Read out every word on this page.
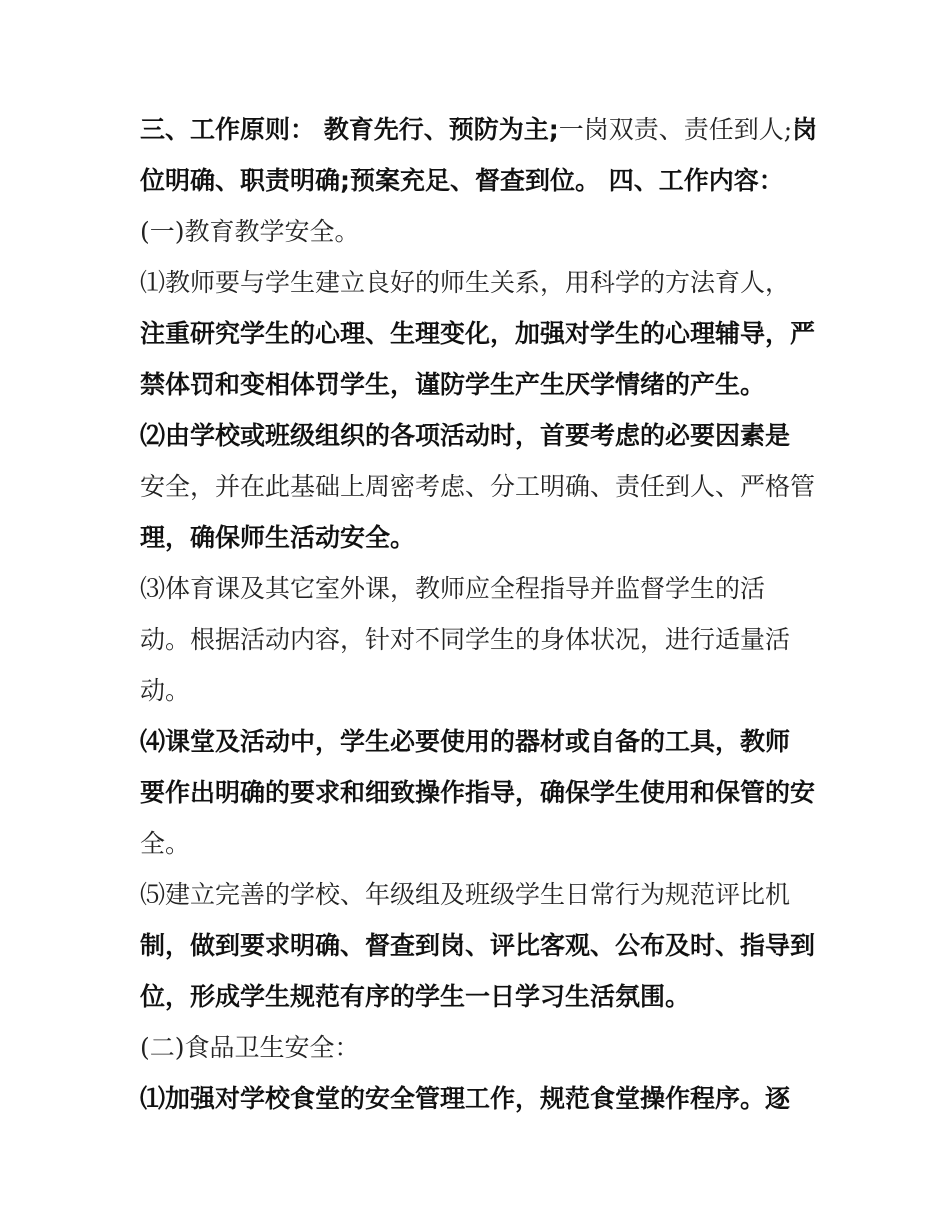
三、工作原则： 教育先行、预防为主;一岗双责、责任到人;岗
位明确、职责明确;预案充足、督查到位。 四、工作内容：
(一)教育教学安全。
⑴教师要与学生建立良好的师生关系，用科学的方法育人，
注重研究学生的心理、生理变化，加强对学生的心理辅导，严
禁体罚和变相体罚学生，谨防学生产生厌学情绪的产生。
⑵由学校或班级组织的各项活动时，首要考虑的必要因素是
安全，并在此基础上周密考虑、分工明确、责任到人、严格管
理，确保师生活动安全。
⑶体育课及其它室外课，教师应全程指导并监督学生的活
动。根据活动内容，针对不同学生的身体状况，进行适量活
动。
⑷课堂及活动中，学生必要使用的器材或自备的工具，教师
要作出明确的要求和细致操作指导，确保学生使用和保管的安
全。
⑸建立完善的学校、年级组及班级学生日常行为规范评比机
制，做到要求明确、督查到岗、评比客观、公布及时、指导到
位，形成学生规范有序的学生一日学习生活氛围。
(二)食品卫生安全：
⑴加强对学校食堂的安全管理工作，规范食堂操作程序。逐
